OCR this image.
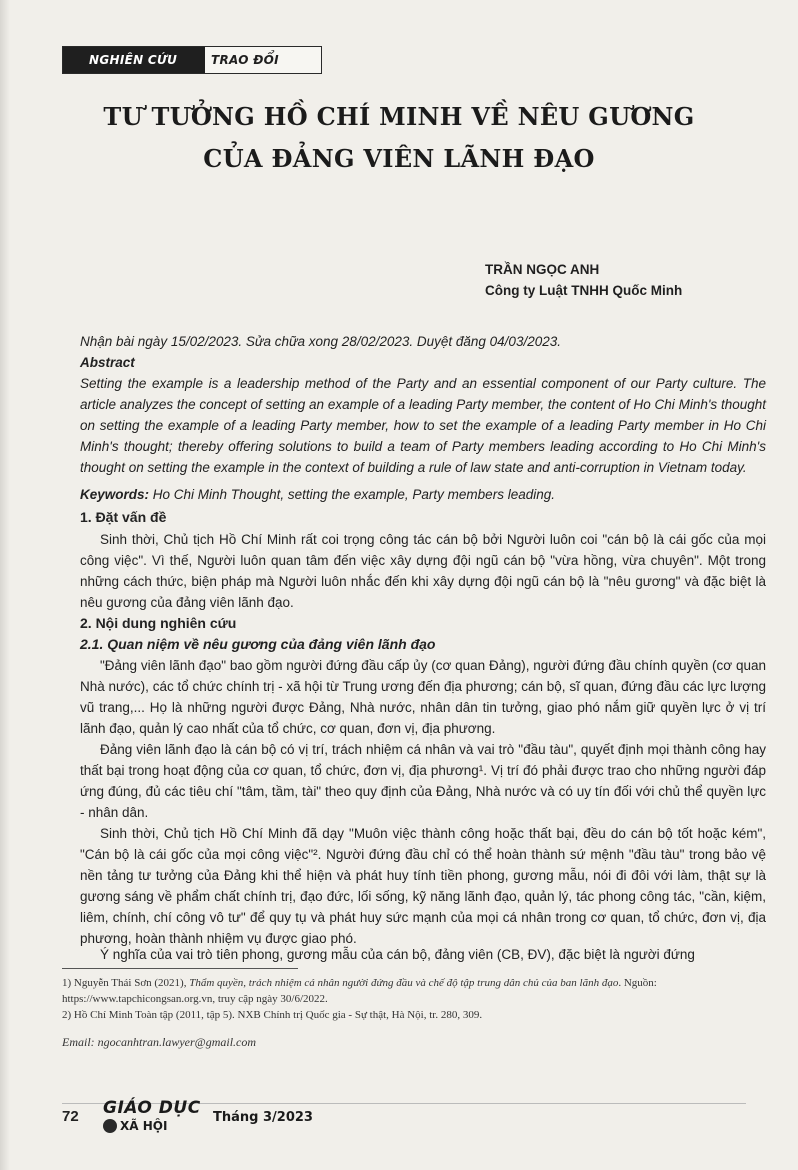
NGHIÊN CỨU	TRAO ĐỔI
TƯ TƯỞNG HỒ CHÍ MINH VỀ NÊU GƯƠNG
CỦA ĐẢNG VIÊN LÃNH ĐẠO
TRẦN NGỌC ANH
Công ty Luật TNHH Quốc Minh
Nhận bài ngày 15/02/2023. Sửa chữa xong 28/02/2023. Duyệt đăng 04/03/2023.
Abstract
Setting the example is a leadership method of the Party and an essential component of our Party culture. The article analyzes the concept of setting an example of a leading Party member, the content of Ho Chi Minh's thought on setting the example of a leading Party member, how to set the example of a leading Party member in Ho Chi Minh's thought; thereby offering solutions to build a team of Party members leading according to Ho Chi Minh's thought on setting the example in the context of building a rule of law state and anti-corruption in Vietnam today.
Keywords: Ho Chi Minh Thought, setting the example, Party members leading.
1. Đặt vấn đề

Sinh thời, Chủ tịch Hồ Chí Minh rất coi trọng công tác cán bộ bởi Người luôn coi "cán bộ là cái gốc của mọi công việc". Vì thế, Người luôn quan tâm đến việc xây dựng đội ngũ cán bộ "vừa hồng, vừa chuyên". Một trong những cách thức, biện pháp mà Người luôn nhắc đến khi xây dựng đội ngũ cán bộ là "nêu gương" và đặc biệt là nêu gương của đảng viên lãnh đạo.

2. Nội dung nghiên cứu
2.1. Quan niệm về nêu gương của đảng viên lãnh đạo

"Đảng viên lãnh đạo" bao gồm người đứng đầu cấp ủy (cơ quan Đảng), người đứng đầu chính quyền (cơ quan Nhà nước), các tổ chức chính trị - xã hội từ Trung ương đến địa phương; cán bộ, sĩ quan, đứng đầu các lực lượng vũ trang,... Họ là những người được Đảng, Nhà nước, nhân dân tin tưởng, giao phó nắm giữ quyền lực ở vị trí lãnh đạo, quản lý cao nhất của tổ chức, cơ quan, đơn vị, địa phương.

Đảng viên lãnh đạo là cán bộ có vị trí, trách nhiệm cá nhân và vai trò "đầu tàu", quyết định mọi thành công hay thất bại trong hoạt động của cơ quan, tổ chức, đơn vị, địa phương¹. Vị trí đó phải được trao cho những người đáp ứng đúng, đủ các tiêu chí "tâm, tầm, tài" theo quy định của Đảng, Nhà nước và có uy tín đối với chủ thể quyền lực - nhân dân.

Sinh thời, Chủ tịch Hồ Chí Minh đã dạy "Muôn việc thành công hoặc thất bại, đều do cán bộ tốt hoặc kém", "Cán bộ là cái gốc của mọi công việc"². Người đứng đầu chỉ có thể hoàn thành sứ mệnh "đầu tàu" trong bảo vệ nền tảng tư tưởng của Đảng khi thể hiện và phát huy tính tiền phong, gương mẫu, nói đi đôi với làm, thật sự là gương sáng về phẩm chất chính trị, đạo đức, lối sống, kỹ năng lãnh đạo, quản lý, tác phong công tác, "cần, kiệm, liêm, chính, chí công vô tư" để quy tụ và phát huy sức mạnh của mọi cá nhân trong cơ quan, tổ chức, đơn vị, địa phương, hoàn thành nhiệm vụ được giao phó.

Ý nghĩa của vai trò tiên phong, gương mẫu của cán bộ, đảng viên (CB, ĐV), đặc biệt là người đứng

1) Nguyễn Thái Sơn (2021), Thẩm quyền, trách nhiệm cá nhân người đứng đầu và chế độ tập trung dân chủ của ban lãnh đạo. Nguồn: https://www.tapchicongsan.org.vn, truy cập ngày 30/6/2022.
2) Hồ Chí Minh Toàn tập (2011, tập 5). NXB Chính trị Quốc gia - Sự thật, Hà Nội, tr. 280, 309.
Email: ngocanhtran.lawyer@gmail.com
72 GIÁO DỤC
XÃ HỘI
Tháng 3/2023
